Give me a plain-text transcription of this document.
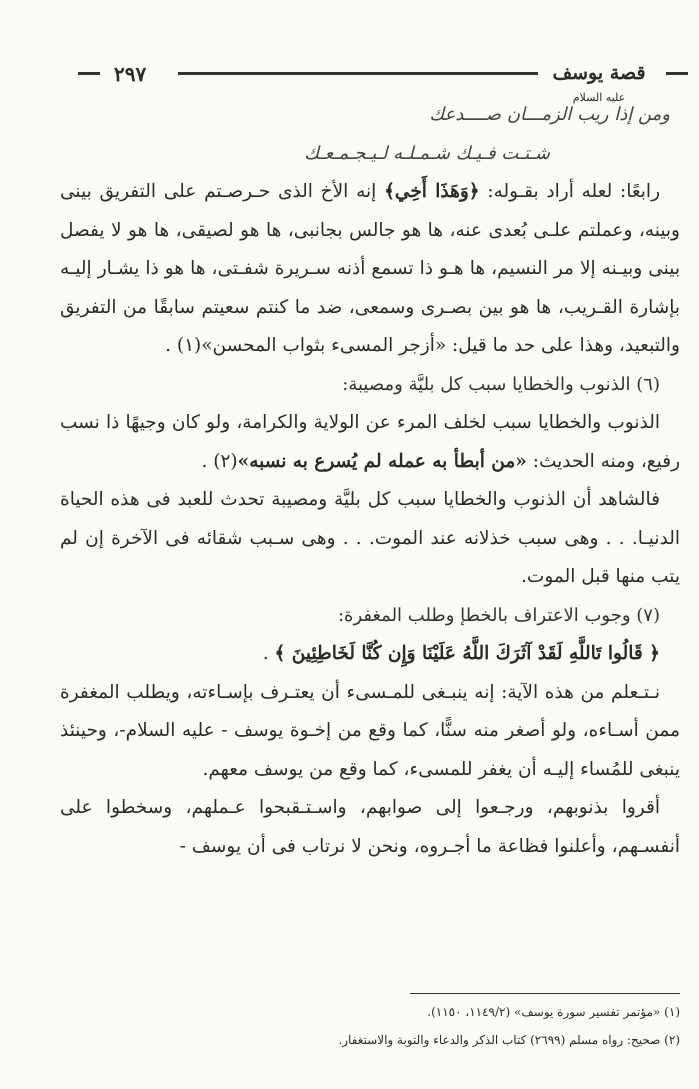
٢٩٧	قصة يوسف عليه السلام

ومن إذا ريب الزمـــان صــــدعك

شـتـت فـيـك شـمـلـه لـيـجـمـعـك

رابعًا: لعله أراد بقـوله: ﴿وَهَذَا أَخِي﴾ إنه الأخ الذى حـرصـتم على التفريق بينى وبينه، وعملتم علـى بُعدى عنه، ها هو جالس بجانبى، ها هو لصيقى، ها هو لا يفصل بينى وبيـنه إلا مر النسيم، ها هـو ذا تسمع أذنه سـريرة شفـتى، ها هو ذا يشـار إليـه بإشارة القـريب، ها هو بين بصـرى وسمعى، ضد ما كنتم سعيتم سابقًا من التفريق والتبعيد، وهذا على حد ما قيل: «أزجر المسىء بثواب المحسن»(١) .

(٦) الذنوب والخطايا سبب كل بليَّة ومصيبة:

الذنوب والخطايا سبب لخلف المرء عن الولاية والكرامة، ولو كان وجيهًا ذا نسب رفيع، ومنه الحديث: «من أبطأ به عمله لم يُسرع به نسبه»(٢) .

فالشاهد أن الذنوب والخطايا سبب كل بليَّة ومصيبة تحدث للعبد فى هذه الحياة الدنيـا. . . وهى سبب خذلانه عند الموت. . . وهى سـبب شقائه فى الآخرة إن لم يتب منها قبل الموت.

(٧) وجوب الاعتراف بالخطإ وطلب المغفرة:

﴿ قَالُوا تَاللَّهِ لَقَدْ آثَرَكَ اللَّهُ عَلَيْنَا وَإِن كُنَّا لَخَاطِئِينَ ﴾ .

نـتـعلم من هذه الآية: إنه ينبـغى للمـسىء أن يعتـرف بإسـاءته، ويطلب المغفرة ممن أسـاءه، ولو أصغر منه سنًّا، كما وقع من إخـوة يوسف - عليه السلام-، وحينئذ ينبغى للمُساء إليـه أن يغفر للمسىء، كما وقع من يوسف معهم.

أقروا بذنوبهم، ورجـعوا إلى صوابهم، واسـتـقبحوا عـملهم، وسخطوا على أنفسـهم، وأعلنوا فظاعة ما أجـروه، ونحن لا نرتاب فى أن يوسف -

(١) «مؤتمر تفسير سورة يوسف» (١١٤٩/٢، ١١٥٠).

(٢) صحيح: رواه مسلم (٢٦٩٩) كتاب الذكر والدعاء والتوبة والاستغفار.
